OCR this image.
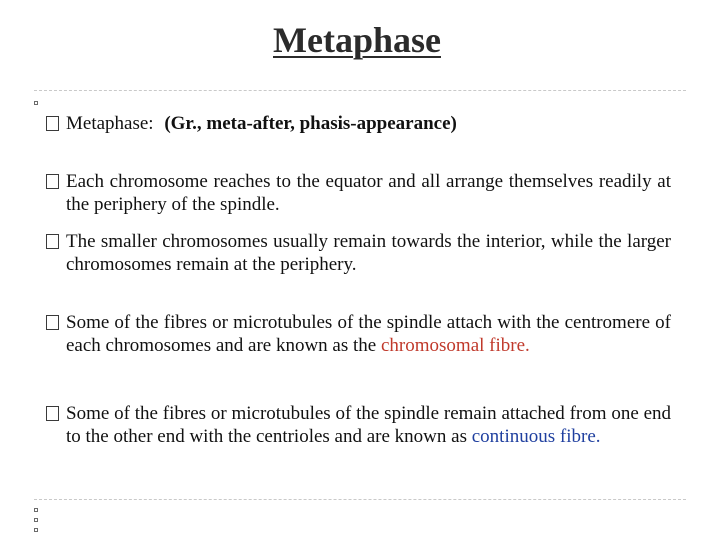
Metaphase
Metaphase: (Gr., meta-after, phasis-appearance)
Each chromosome reaches to the equator and all arrange themselves readily at the periphery of the spindle.
The smaller chromosomes usually remain towards the interior, while the larger chromosomes remain at the periphery.
Some of the fibres or microtubules of the spindle attach with the centromere of each chromosomes and are known as the chromosomal fibre.
Some of the fibres or microtubules of the spindle remain attached from one end to the other end with the centrioles and are known as continuous fibre.
